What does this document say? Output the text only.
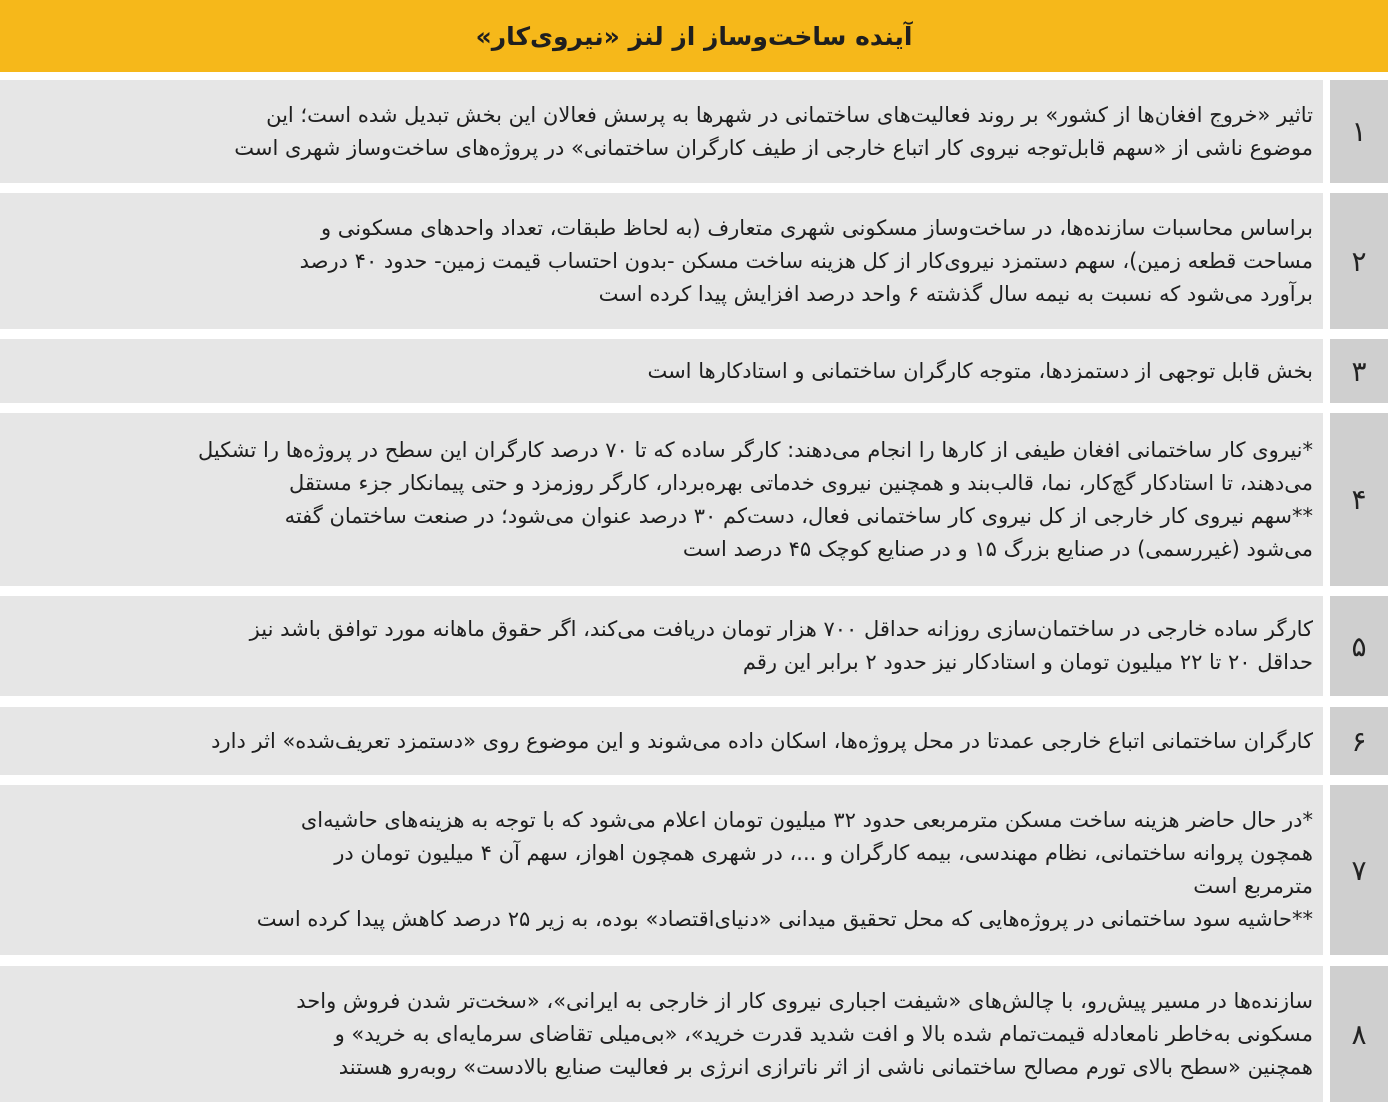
آینده ساخت‌وساز از لنز «نیروی‌کار»
۱
تاثیر «خروج افغان‌ها از کشور» بر روند فعالیت‌های ساختمانی در شهرها به پرسش فعالان این بخش تبدیل شده است؛ این
موضوع ناشی از «سهم قابل‌توجه نیروی کار اتباع خارجی از طیف کارگران ساختمانی» در پروژه‌های ساخت‌وساز شهری است
۲
براساس محاسبات سازنده‌ها، در ساخت‌وساز مسکونی شهری متعارف (به لحاظ طبقات، تعداد واحدهای مسکونی و
مساحت قطعه زمین)، سهم دستمزد نیروی‌کار از کل هزینه ساخت مسکن -بدون احتساب قیمت زمین- حدود ۴۰ درصد
برآورد می‌شود که نسبت به نیمه سال گذشته ۶ واحد درصد افزایش پیدا کرده است
۳
بخش قابل توجهی از دستمزدها، متوجه کارگران ساختمانی و استادکارها است
۴
*نیروی کار ساختمانی افغان طیفی از کارها را انجام می‌دهند: کارگر ساده که تا ۷۰ درصد کارگران این سطح در پروژه‌ها را تشکیل
می‌دهند، تا استادکار گچ‌کار، نما، قالب‌بند و همچنین نیروی خدماتی بهره‌بردار، کارگر روزمزد و حتی پیمانکار جزء مستقل
**سهم نیروی کار خارجی از کل نیروی کار ساختمانی فعال، دست‌کم ۳۰ درصد عنوان می‌شود؛ در صنعت ساختمان گفته
می‌شود (غیررسمی) در صنایع بزرگ ۱۵ و در صنایع کوچک ۴۵ درصد است
۵
کارگر ساده خارجی در ساختمان‌سازی روزانه حداقل ۷۰۰ هزار تومان دریافت می‌کند، اگر حقوق ماهانه مورد توافق باشد نیز
حداقل ۲۰ تا ۲۲ میلیون تومان و استادکار نیز حدود ۲ برابر این رقم
۶
کارگران ساختمانی اتباع خارجی عمدتا در محل پروژه‌ها، اسکان داده می‌شوند و این موضوع روی «دستمزد تعریف‌شده» اثر دارد
۷
*در حال حاضر هزینه ساخت مسکن مترمربعی حدود ۳۲ میلیون تومان اعلام می‌شود که با توجه به هزینه‌های حاشیه‌ای
همچون پروانه ساختمانی، نظام مهندسی، بیمه کارگران و ...، در شهری همچون اهواز، سهم آن ۴ میلیون تومان در
مترمربع است
**حاشیه سود ساختمانی در پروژه‌هایی که محل تحقیق میدانی «دنیای‌اقتصاد» بوده، به زیر ۲۵ درصد کاهش پیدا کرده است
۸
سازنده‌ها در مسیر پیش‌رو، با چالش‌های «شیفت اجباری نیروی کار از خارجی به ایرانی»، «سخت‌تر شدن فروش واحد
مسکونی به‌خاطر نامعادله قیمت‌تمام شده بالا و افت شدید قدرت خرید»، «بی‌میلی تقاضای سرمایه‌ای به خرید» و
همچنین «سطح بالای تورم مصالح ساختمانی ناشی از اثر ناترازی انرژی بر فعالیت صنایع بالادست» روبه‌رو هستند
